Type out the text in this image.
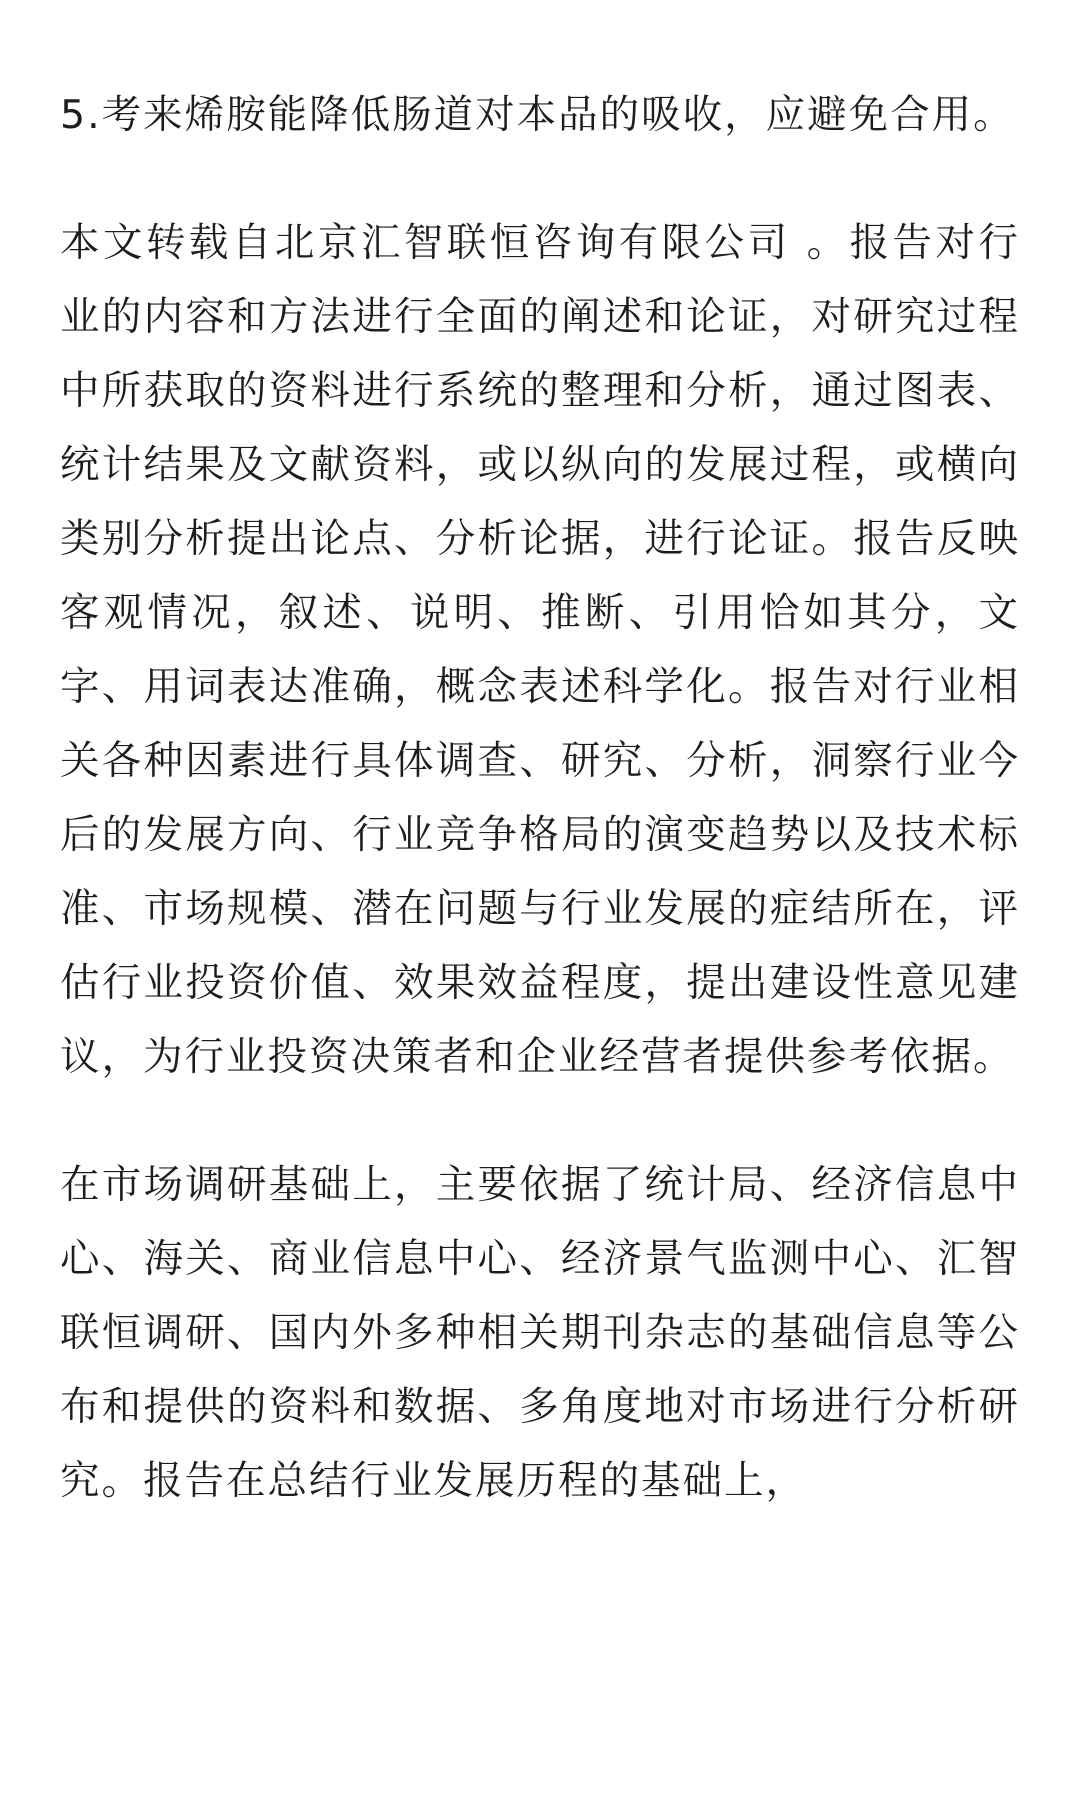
5.考来烯胺能降低肠道对本品的吸收，应避免合用。

本文转载自北京汇智联恒咨询有限公司 。报告对行业的内容和方法进行全面的阐述和论证，对研究过程中所获取的资料进行系统的整理和分析，通过图表、统计结果及文献资料，或以纵向的发展过程，或横向类别分析提出论点、分析论据，进行论证。报告反映客观情况，叙述、说明、推断、引用恰如其分，文字、用词表达准确，概念表述科学化。报告对行业相关各种因素进行具体调查、研究、分析，洞察行业今后的发展方向、行业竞争格局的演变趋势以及技术标准、市场规模、潜在问题与行业发展的症结所在，评估行业投资价值、效果效益程度，提出建设性意见建议，为行业投资决策者和企业经营者提供参考依据。

在市场调研基础上，主要依据了统计局、经济信息中心、海关、商业信息中心、经济景气监测中心、汇智联恒调研、国内外多种相关期刊杂志的基础信息等公布和提供的资料和数据、多角度地对市场进行分析研究。报告在总结行业发展历程的基础上，
